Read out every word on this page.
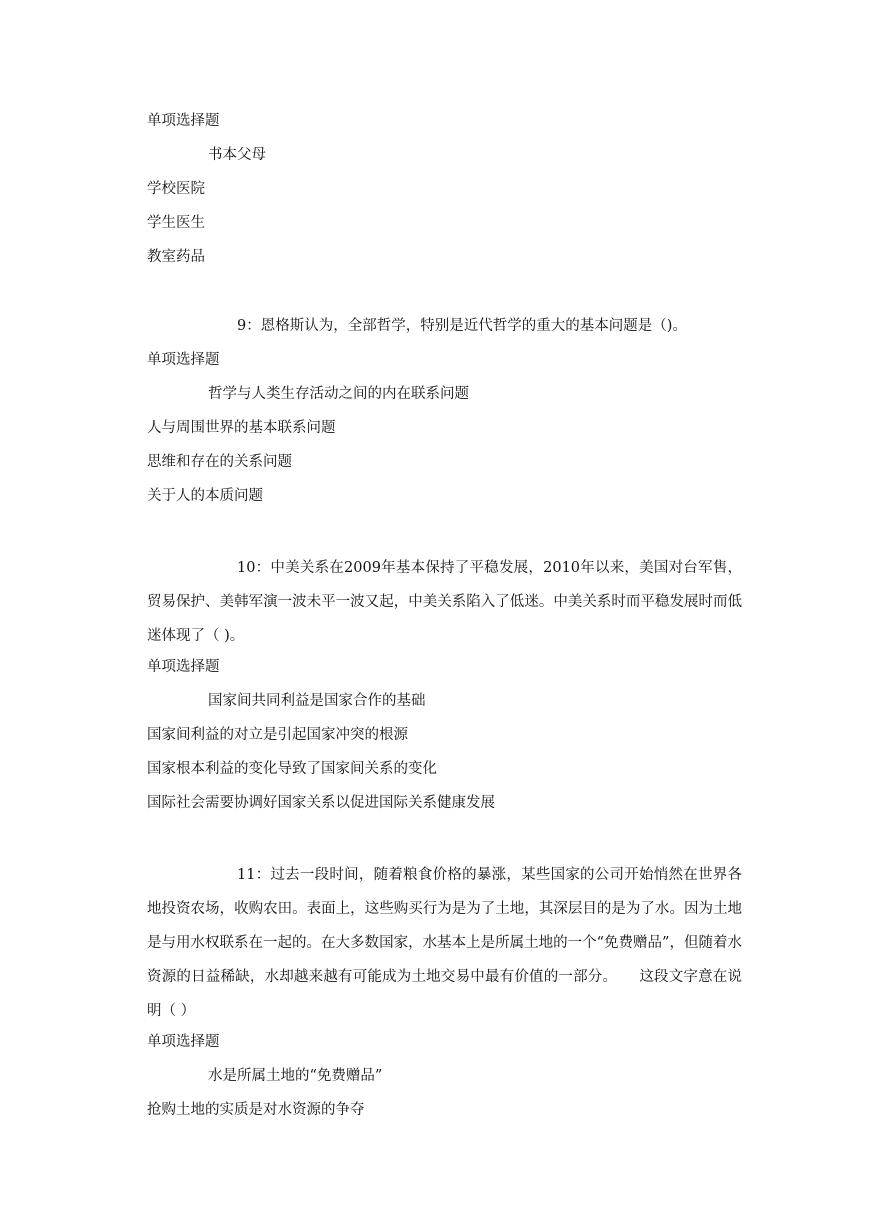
单项选择题
书本父母
学校医院
学生医生
教室药品
9：恩格斯认为，全部哲学，特别是近代哲学的重大的基本问题是（)。
单项选择题
哲学与人类生存活动之间的内在联系问题
人与周围世界的基本联系问题
思维和存在的关系问题
关于人的本质问题
10：中美关系在2009年基本保持了平稳发展，2010年以来，美国对台军售，贸易保护、美韩军演一波未平一波又起，中美关系陷入了低迷。中美关系时而平稳发展时而低迷体现了（ )。
单项选择题
国家间共同利益是国家合作的基础
国家间利益的对立是引起国家冲突的根源
国家根本利益的变化导致了国家间关系的变化
国际社会需要协调好国家关系以促进国际关系健康发展
11：过去一段时间，随着粮食价格的暴涨，某些国家的公司开始悄然在世界各地投资农场，收购农田。表面上，这些购买行为是为了土地，其深层目的是为了水。因为土地是与用水权联系在一起的。在大多数国家，水基本上是所属土地的一个“免费赠品”，但随着水资源的日益稀缺，水却越来越有可能成为土地交易中最有价值的一部分。　　这段文字意在说明（ ）
单项选择题
水是所属土地的“免费赠品”
抢购土地的实质是对水资源的争夺
